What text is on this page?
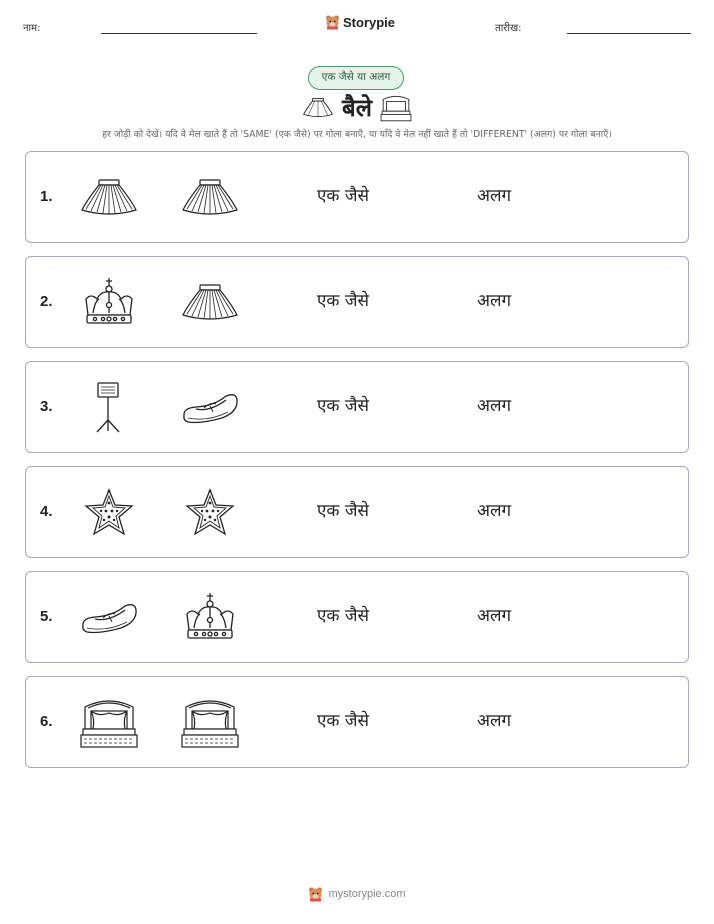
नाम:	Storypie	तारीख:
एक जैसे या अलग
बैले
हर जोड़ी को देखें। यदि वे मेल खाते हैं तो 'SAME' (एक जैसे) पर गोला बनाएँ, या यदि वे मेल नहीं खाते हैं तो 'DIFFERENT' (अलग) पर गोला बनाएँ।
1.	एक जैसे	अलग
2.	एक जैसे	अलग
3.	एक जैसे	अलग
4.	एक जैसे	अलग
5.	एक जैसे	अलग
6.	एक जैसे	अलग
mystorypie.com
